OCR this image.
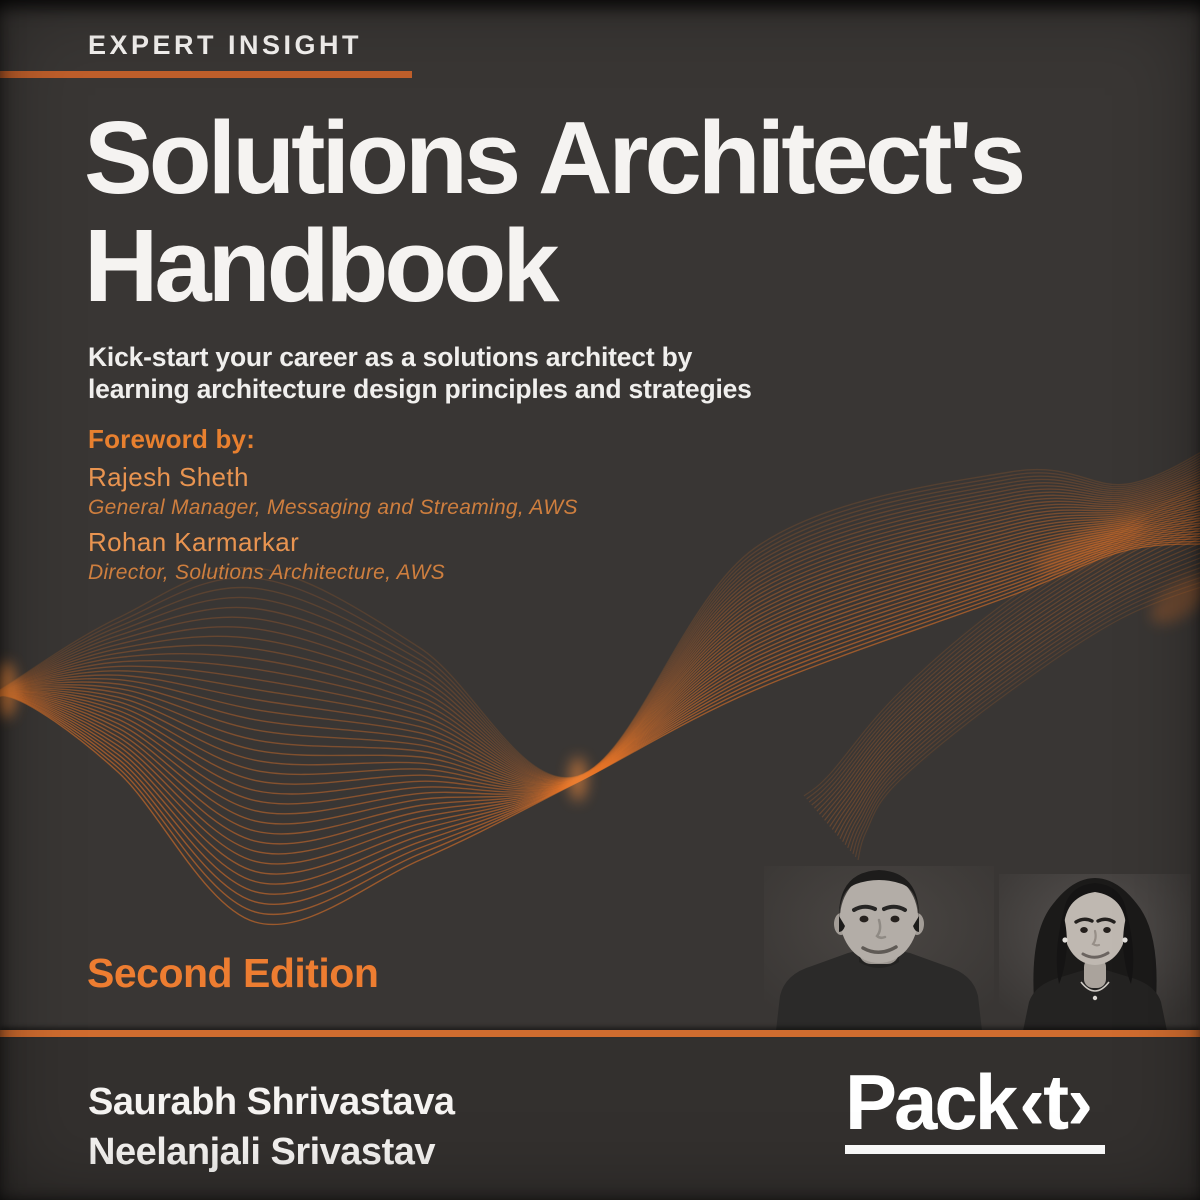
EXPERT INSIGHT
Solutions Architect's
Handbook
Kick-start your career as a solutions architect by
learning architecture design principles and strategies
Foreword by:
Rajesh Sheth
General Manager, Messaging and Streaming, AWS
Rohan Karmarkar
Director, Solutions Architecture, AWS
Second Edition
Saurabh Shrivastava
Neelanjali Srivastav
Pack‹t›
